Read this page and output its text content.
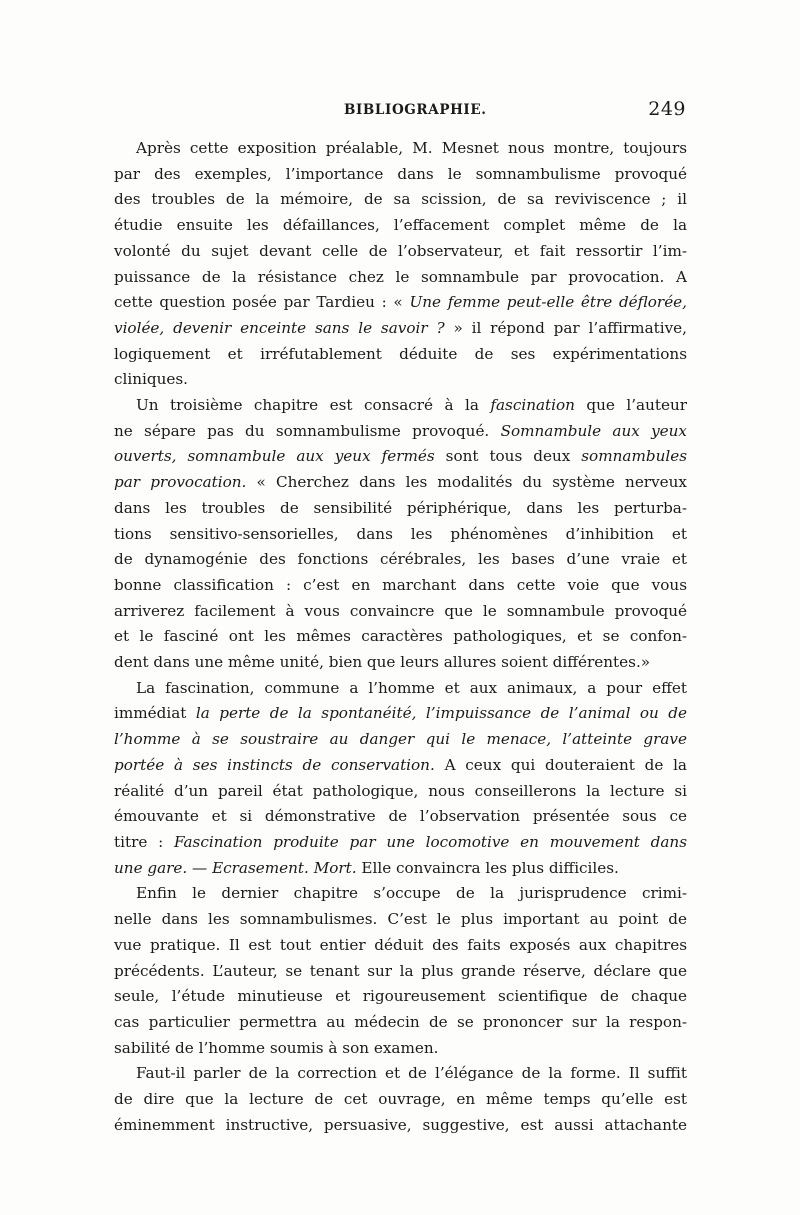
BIBLIOGRAPHIE.	249

Après cette exposition préalable, M. Mesnet nous montre, toujours
par des exemples, l’importance dans le somnambulisme provoqué
des troubles de la mémoire, de sa scission, de sa reviviscence ; il
étudie ensuite les défaillances, l’effacement complet même de la
volonté du sujet devant celle de l’observateur, et fait ressortir l’im-
puissance de la résistance chez le somnambule par provocation. A
cette question posée par Tardieu : « Une femme peut-elle être déflorée,
violée, devenir enceinte sans le savoir ? » il répond par l’affirmative,
logiquement et irréfutablement déduite de ses expérimentations
cliniques.

Un troisième chapitre est consacré à la fascination que l’auteur
ne sépare pas du somnambulisme provoqué. Somnambule aux yeux
ouverts, somnambule aux yeux fermés sont tous deux somnambules
par provocation. « Cherchez dans les modalités du système nerveux
dans les troubles de sensibilité périphérique, dans les perturba-
tions sensitivo-sensorielles, dans les phénomènes d’inhibition et
de dynamogénie des fonctions cérébrales, les bases d’une vraie et
bonne classification : c’est en marchant dans cette voie que vous
arriverez facilement à vous convaincre que le somnambule provoqué
et le fasciné ont les mêmes caractères pathologiques, et se confon-
dent dans une même unité, bien que leurs allures soient différentes.»

La fascination, commune a l’homme et aux animaux, a pour effet
immédiat la perte de la spontanéité, l’impuissance de l’animal ou de
l’homme à se soustraire au danger qui le menace, l’atteinte grave
portée à ses instincts de conservation. A ceux qui douteraient de la
réalité d’un pareil état pathologique, nous conseillerons la lecture si
émouvante et si démonstrative de l’observation présentée sous ce
titre : Fascination produite par une locomotive en mouvement dans
une gare. — Ecrasement. Mort. Elle convaincra les plus difficiles.

Enfin le dernier chapitre s’occupe de la jurisprudence crimi-
nelle dans les somnambulismes. C’est le plus important au point de
vue pratique. Il est tout entier déduit des faits exposés aux chapitres
précédents. L’auteur, se tenant sur la plus grande réserve, déclare que
seule, l’étude minutieuse et rigoureusement scientifique de chaque
cas particulier permettra au médecin de se prononcer sur la respon-
sabilité de l’homme soumis à son examen.

Faut-il parler de la correction et de l’élégance de la forme. Il suffit
de dire que la lecture de cet ouvrage, en même temps qu’elle est
éminemment instructive, persuasive, suggestive, est aussi attachante
